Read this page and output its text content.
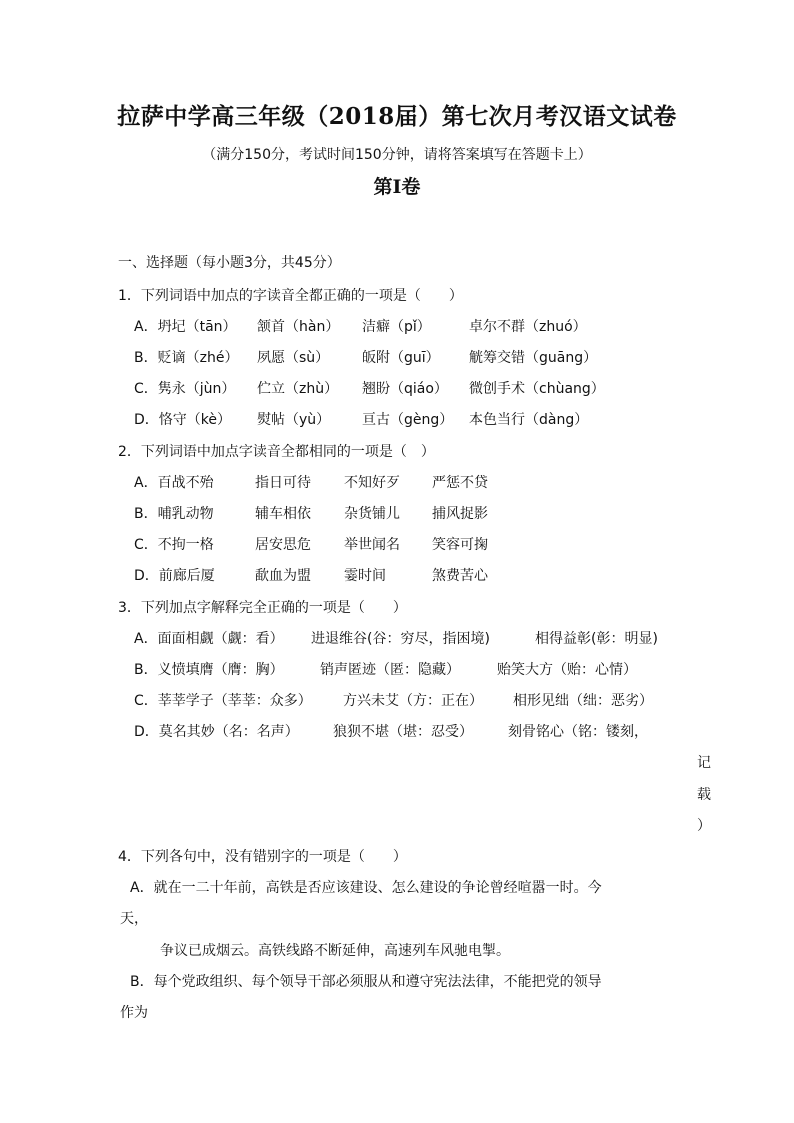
拉萨中学高三年级（2018届）第七次月考汉语文试卷
（满分150分，考试时间150分钟，请将答案填写在答题卡上）
第Ⅰ卷
一、选择题（每小题3分，共45分）
1．下列词语中加点的字读音全都正确的一项是（　　）
A．坍圮（tān） 颔首（hàn） 洁癖（pǐ）	卓尔不群（zhuó）
B．贬谪（zhé） 夙愿（sù） 皈附（guī） 觥筹交错（guāng）
C．隽永（jùn） 伫立（zhù） 翘盼（qiáo） 微创手术（chùang）
D．恪守（kè） 熨帖（yù） 亘古（gèng） 本色当行（dàng）
2．下列词语中加点字读音全都相同的一项是（　）
A．百战不殆	指日可待 不知好歹 严惩不贷
B．哺乳动物	辅车相依 杂货铺儿 捕风捉影
C．不拘一格	居安思危 举世闻名 笑容可掬
D．前廊后厦	歃血为盟 霎时间	煞费苦心
3．下列加点字解释完全正确的一项是（　　）
A．面面相觑（觑：看） 进退维谷(谷：穷尽，指困境)	相得益彰(彰：明显)
B．义愤填膺（膺：胸）	销声匿迹（匿：隐藏）	贻笑大方（贻：心情）
C．莘莘学子（莘莘：众多） 方兴未艾（方：正在） 相形见绌（绌：恶劣）
D．莫名其妙（名：名声） 狼狈不堪（堪：忍受）	刻骨铭心（铭：镂刻，
记
载
）
4．下列各句中，没有错别字的一项是（　　）
A．就在一二十年前，高铁是否应该建设、怎么建设的争论曾经喧嚣一时。今
天，
争议已成烟云。高铁线路不断延伸，高速列车风驰电掣。
B．每个党政组织、每个领导干部必须服从和遵守宪法法律，不能把党的领导
作为
